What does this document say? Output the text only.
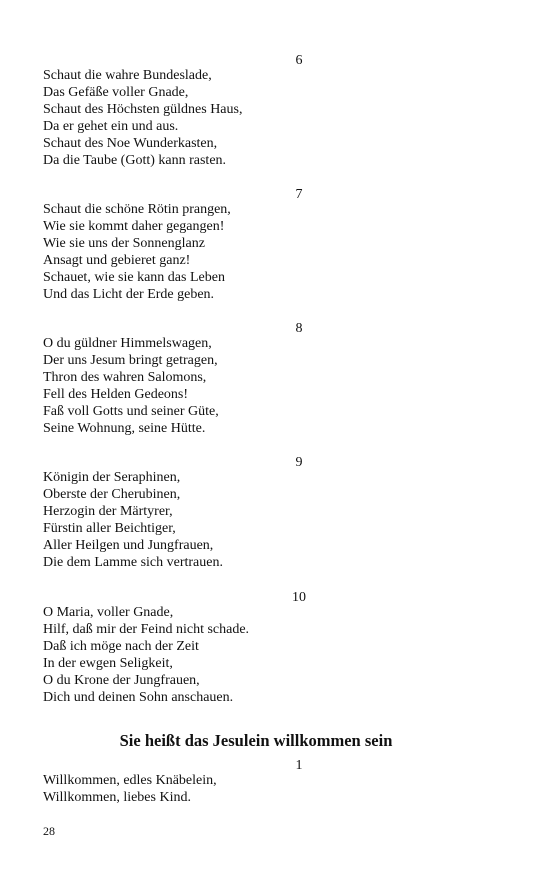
6
Schaut die wahre Bundeslade,
Das Gefäße voller Gnade,
Schaut des Höchsten güldnes Haus,
Da er gehet ein und aus.
Schaut des Noe Wunderkasten,
Da die Taube (Gott) kann rasten.
7
Schaut die schöne Rötin prangen,
Wie sie kommt daher gegangen!
Wie sie uns der Sonnenglanz
Ansagt und gebieret ganz!
Schauet, wie sie kann das Leben
Und das Licht der Erde geben.
8
O du güldner Himmelswagen,
Der uns Jesum bringt getragen,
Thron des wahren Salomons,
Fell des Helden Gedeons!
Faß voll Gotts und seiner Güte,
Seine Wohnung, seine Hütte.
9
Königin der Seraphinen,
Oberste der Cherubinen,
Herzogin der Märtyrer,
Fürstin aller Beichtiger,
Aller Heilgen und Jungfrauen,
Die dem Lamme sich vertrauen.
10
O Maria, voller Gnade,
Hilf, daß mir der Feind nicht schade.
Daß ich möge nach der Zeit
In der ewgen Seligkeit,
O du Krone der Jungfrauen,
Dich und deinen Sohn anschauen.
Sie heißt das Jesulein willkommen sein
1
Willkommen, edles Knäbelein,
Willkommen, liebes Kind.
28
